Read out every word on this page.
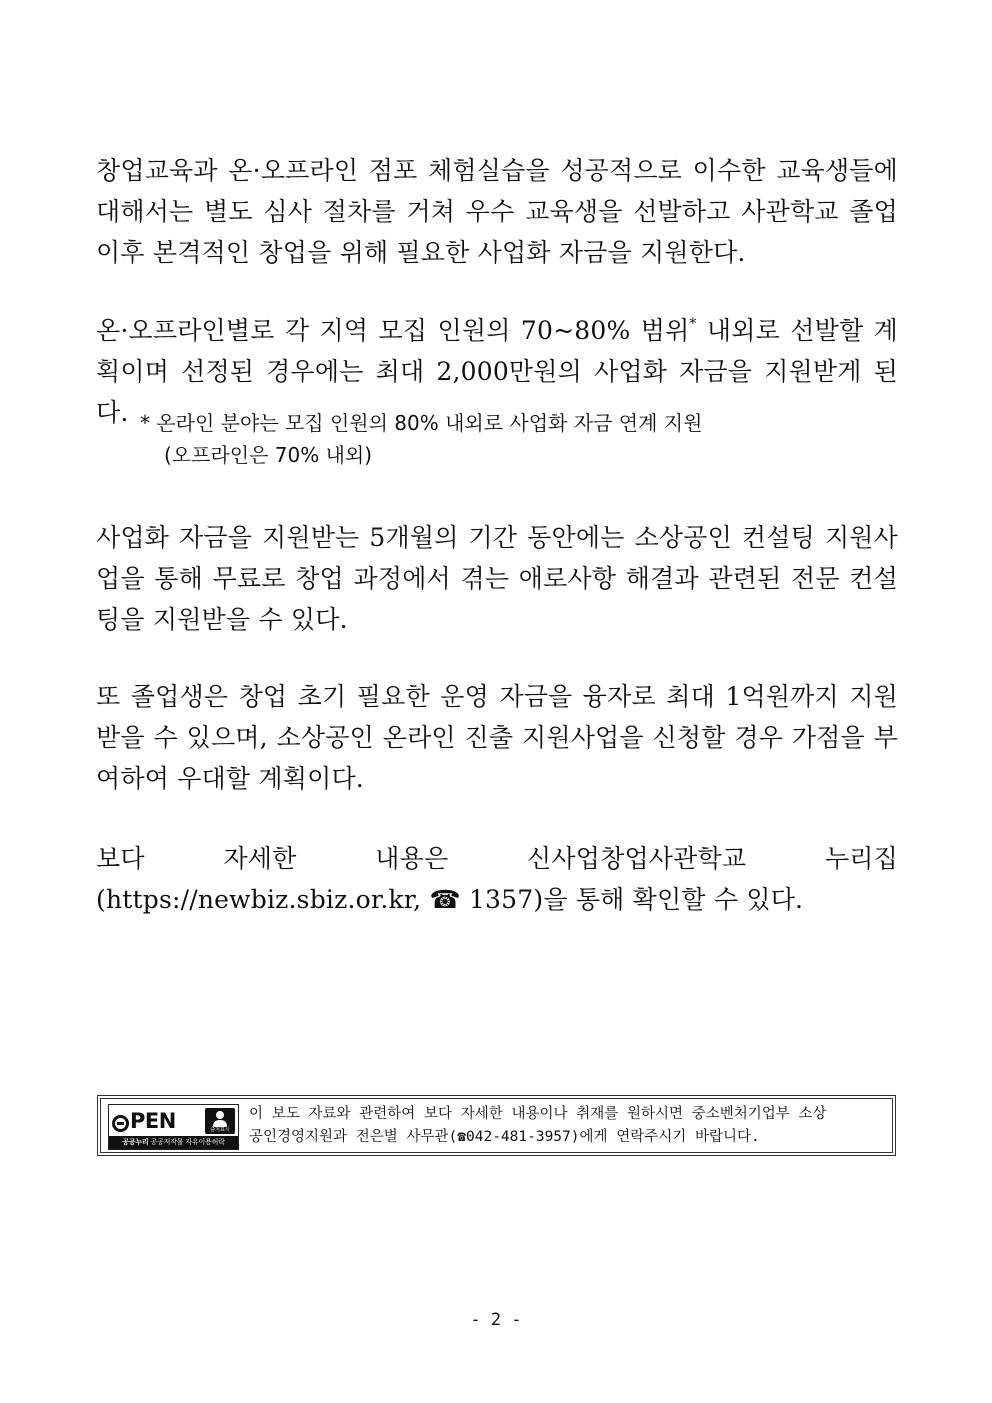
창업교육과 온·오프라인 점포 체험실습을 성공적으로 이수한 교육생들에 대해서는 별도 심사 절차를 거쳐 우수 교육생을 선발하고 사관학교 졸업 이후 본격적인 창업을 위해 필요한 사업화 자금을 지원한다.

온·오프라인별로 각 지역 모집 인원의 70~80% 범위* 내외로 선발할 계획이며 선정된 경우에는 최대 2,000만원의 사업화 자금을 지원받게 된다. * 온라인 분야는 모집 인원의 80% 내외로 사업화 자금 연계 지원
(오프라인은 70% 내외)

사업화 자금을 지원받는 5개월의 기간 동안에는 소상공인 컨설팅 지원사업을 통해 무료로 창업 과정에서 겪는 애로사항 해결과 관련된 전문 컨설팅을 지원받을 수 있다.

또 졸업생은 창업 초기 필요한 운영 자금을 융자로 최대 1억원까지 지원받을 수 있으며, 소상공인 온라인 진출 지원사업을 신청할 경우 가점을 부여하여 우대할 계획이다.

보다 자세한 내용은 신사업창업사관학교 누리집
(https://newbiz.sbiz.or.kr, ☎ 1357)을 통해 확인할 수 있다.

PEN	출처표시
공공누리 공공저작물 자유이용허락
이 보도 자료와 관련하여 보다 자세한 내용이나 취재를 원하시면 중소벤처기업부 소상
공인경영지원과 전은별 사무관(☎042-481-3957)에게 연락주시기 바랍니다.
- 2 -
